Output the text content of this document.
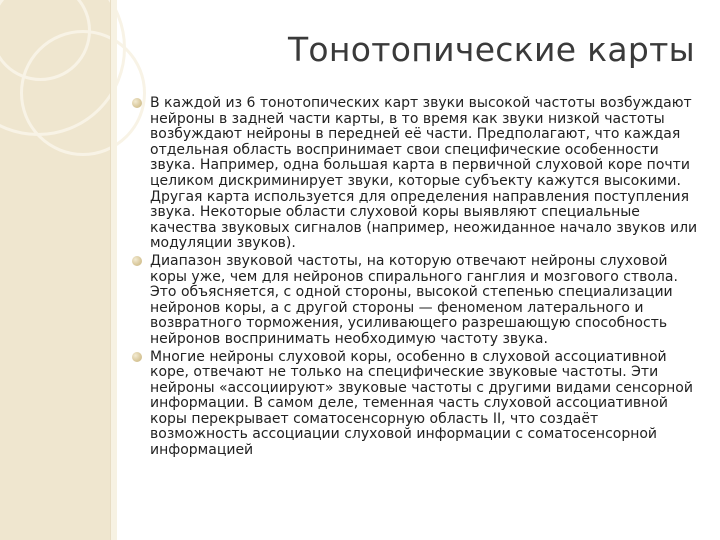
Тонотопические карты
В каждой из 6 тонотопических карт звуки высокой частоты возбуждают нейроны в задней части карты, в то время как звуки низкой частоты возбуждают нейроны в передней её части. Предполагают, что каждая отдельная область воспринимает свои специфические особенности звука. Например, одна большая карта в первичной слуховой коре почти целиком дискриминирует звуки, которые субъекту кажутся высокими. Другая карта используется для определения направления поступления звука. Некоторые области слуховой коры выявляют специальные качества звуковых сигналов (например, неожиданное начало звуков или модуляции звуков).
Диапазон звуковой частоты, на которую отвечают нейроны слуховой коры уже, чем для нейронов спирального ганглия и мозгового ствола. Это объясняется, с одной стороны, высокой степенью специализации нейронов коры, а с другой стороны — феноменом латерального и возвратного торможения, усиливающего разрешающую способность нейронов воспринимать необходимую частоту звука.
Многие нейроны слуховой коры, особенно в слуховой ассоциативной коре, отвечают не только на специфические звуковые частоты. Эти нейроны «ассоциируют» звуковые частоты с другими видами сенсорной информации. В самом деле, теменная часть слуховой ассоциативной коры перекрывает соматосенсорную область II, что создаёт возможность ассоциации слуховой информации с соматосенсорной информацией
